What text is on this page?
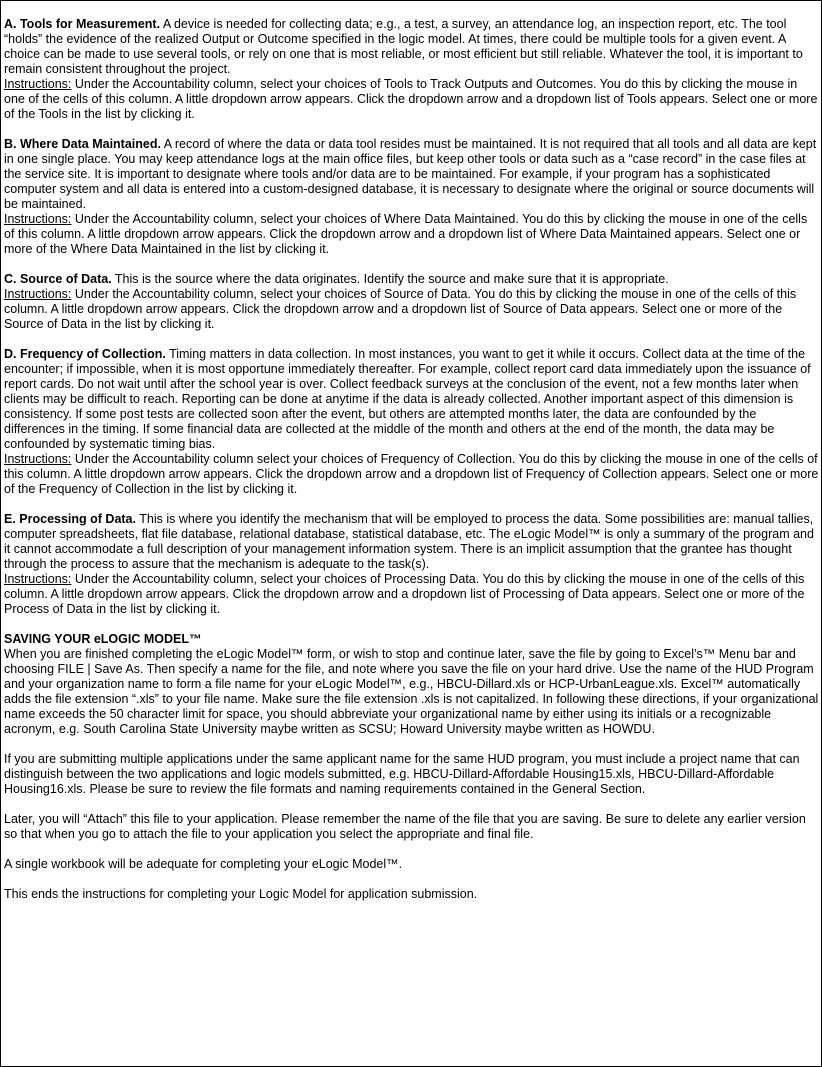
A. Tools for Measurement. A device is needed for collecting data; e.g., a test, a survey, an attendance log, an inspection report, etc. The tool “holds” the evidence of the realized Output or Outcome specified in the logic model. At times, there could be multiple tools for a given event. A choice can be made to use several tools, or rely on one that is most reliable, or most efficient but still reliable. Whatever the tool, it is important to remain consistent throughout the project.

Instructions: Under the Accountability column, select your choices of Tools to Track Outputs and Outcomes. You do this by clicking the mouse in one of the cells of this column. A little dropdown arrow appears. Click the dropdown arrow and a dropdown list of Tools appears. Select one or more of the Tools in the list by clicking it.

B. Where Data Maintained. A record of where the data or data tool resides must be maintained. It is not required that all tools and all data are kept in one single place. You may keep attendance logs at the main office files, but keep other tools or data such as a “case record” in the case files at the service site. It is important to designate where tools and/or data are to be maintained. For example, if your program has a sophisticated computer system and all data is entered into a custom-designed database, it is necessary to designate where the original or source documents will be maintained.

Instructions: Under the Accountability column, select your choices of Where Data Maintained. You do this by clicking the mouse in one of the cells of this column. A little dropdown arrow appears. Click the dropdown arrow and a dropdown list of Where Data Maintained appears. Select one or more of the Where Data Maintained in the list by clicking it.

C. Source of Data. This is the source where the data originates. Identify the source and make sure that it is appropriate.

Instructions: Under the Accountability column, select your choices of Source of Data. You do this by clicking the mouse in one of the cells of this column. A little dropdown arrow appears. Click the dropdown arrow and a dropdown list of Source of Data appears. Select one or more of the Source of Data in the list by clicking it.

D. Frequency of Collection. Timing matters in data collection. In most instances, you want to get it while it occurs. Collect data at the time of the encounter; if impossible, when it is most opportune immediately thereafter. For example, collect report card data immediately upon the issuance of report cards. Do not wait until after the school year is over. Collect feedback surveys at the conclusion of the event, not a few months later when clients may be difficult to reach. Reporting can be done at anytime if the data is already collected. Another important aspect of this dimension is consistency. If some post tests are collected soon after the event, but others are attempted months later, the data are confounded by the differences in the timing. If some financial data are collected at the middle of the month and others at the end of the month, the data may be confounded by systematic timing bias.

Instructions: Under the Accountability column select your choices of Frequency of Collection. You do this by clicking the mouse in one of the cells of this column. A little dropdown arrow appears. Click the dropdown arrow and a dropdown list of Frequency of Collection appears. Select one or more of the Frequency of Collection in the list by clicking it.

E. Processing of Data. This is where you identify the mechanism that will be employed to process the data. Some possibilities are: manual tallies, computer spreadsheets, flat file database, relational database, statistical database, etc. The eLogic Model™ is only a summary of the program and it cannot accommodate a full description of your management information system. There is an implicit assumption that the grantee has thought through the process to assure that the mechanism is adequate to the task(s).

Instructions: Under the Accountability column, select your choices of Processing Data. You do this by clicking the mouse in one of the cells of this column. A little dropdown arrow appears. Click the dropdown arrow and a dropdown list of Processing of Data appears. Select one or more of the Process of Data in the list by clicking it.

SAVING YOUR eLOGIC MODEL™

When you are finished completing the eLogic Model™ form, or wish to stop and continue later, save the file by going to Excel’s™ Menu bar and choosing FILE | Save As. Then specify a name for the file, and note where you save the file on your hard drive. Use the name of the HUD Program and your organization name to form a file name for your eLogic Model™, e.g., HBCU-Dillard.xls or HCP-UrbanLeague.xls. Excel™ automatically adds the file extension “.xls” to your file name. Make sure the file extension .xls is not capitalized. In following these directions, if your organizational name exceeds the 50 character limit for space, you should abbreviate your organizational name by either using its initials or a recognizable acronym, e.g. South Carolina State University maybe written as SCSU; Howard University maybe written as HOWDU.

If you are submitting multiple applications under the same applicant name for the same HUD program, you must include a project name that can distinguish between the two applications and logic models submitted, e.g. HBCU-Dillard-Affordable Housing15.xls, HBCU-Dillard-Affordable Housing16.xls. Please be sure to review the file formats and naming requirements contained in the General Section.

Later, you will “Attach” this file to your application. Please remember the name of the file that you are saving. Be sure to delete any earlier version so that when you go to attach the file to your application you select the appropriate and final file.

A single workbook will be adequate for completing your eLogic Model™.

This ends the instructions for completing your Logic Model for application submission.
